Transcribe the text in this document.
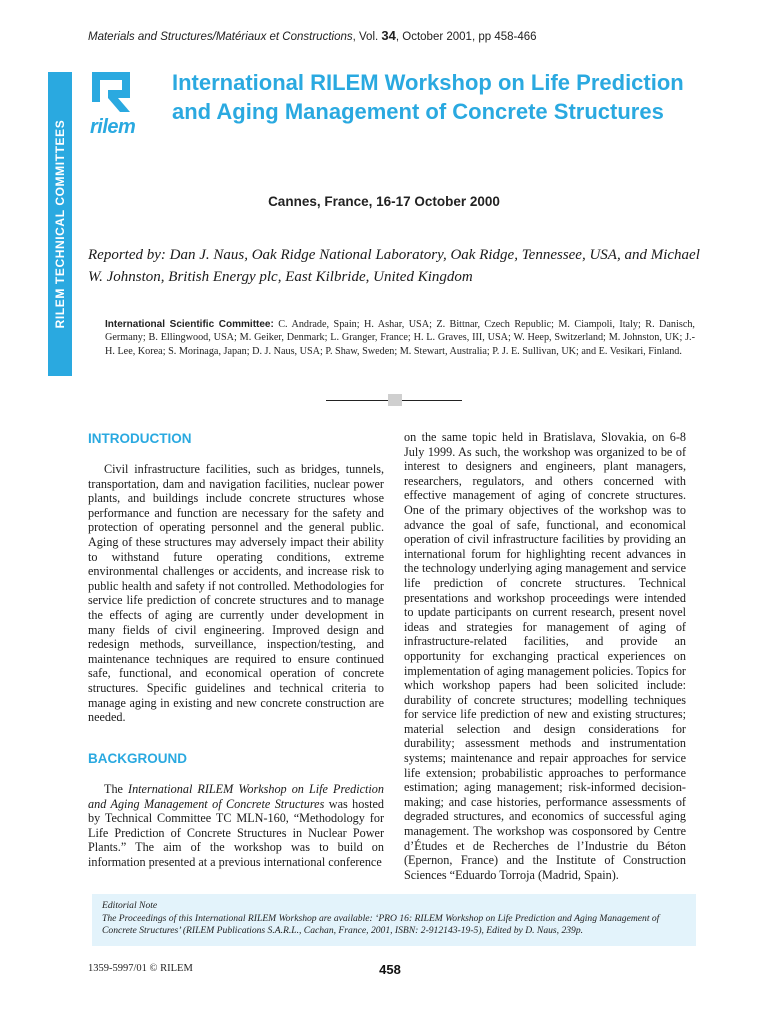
Materials and Structures/Matériaux et Constructions, Vol. 34, October 2001, pp 458-466
RILEM TECHNICAL COMMITTEES rilem
International RILEM Workshop on Life Prediction and Aging Management of Concrete Structures
Cannes, France, 16-17 October 2000
Reported by: Dan J. Naus, Oak Ridge National Laboratory, Oak Ridge, Tennessee, USA, and Michael W. Johnston, British Energy plc, East Kilbride, United Kingdom
International Scientific Committee: C. Andrade, Spain; H. Ashar, USA; Z. Bittnar, Czech Republic; M. Ciampoli, Italy; R. Danisch, Germany; B. Ellingwood, USA; M. Geiker, Denmark; L. Granger, France; H. L. Graves, III, USA; W. Heep, Switzerland; M. Johnston, UK; J.-H. Lee, Korea; S. Morinaga, Japan; D. J. Naus, USA; P. Shaw, Sweden; M. Stewart, Australia; P. J. E. Sullivan, UK; and E. Vesikari, Finland.
INTRODUCTION

Civil infrastructure facilities, such as bridges, tunnels, transportation, dam and navigation facilities, nuclear power plants, and buildings include concrete structures whose performance and function are necessary for the safety and protection of operating personnel and the general public. Aging of these structures may adversely impact their ability to withstand future operating conditions, extreme environmental challenges or accidents, and increase risk to public health and safety if not controlled. Methodologies for service life prediction of concrete structures and to manage the effects of aging are currently under development in many fields of civil engineering. Improved design and redesign methods, surveillance, inspection/testing, and maintenance techniques are required to ensure continued safe, functional, and economical operation of concrete structures. Specific guidelines and technical criteria to manage aging in existing and new concrete construction are needed.

BACKGROUND

The International RILEM Workshop on Life Prediction and Aging Management of Concrete Structures was hosted by Technical Committee TC MLN-160, “Methodology for Life Prediction of Concrete Structures in Nuclear Power Plants.” The aim of the workshop was to build on information presented at a previous international conference

on the same topic held in Bratislava, Slovakia, on 6-8 July 1999. As such, the workshop was organized to be of interest to designers and engineers, plant managers, researchers, regulators, and others concerned with effective management of aging of concrete structures. One of the primary objectives of the workshop was to advance the goal of safe, functional, and economical operation of civil infrastructure facilities by providing an international forum for highlighting recent advances in the technology underlying aging management and service life prediction of concrete structures. Technical presentations and workshop proceedings were intended to update participants on current research, present novel ideas and strategies for management of aging of infrastructure-related facilities, and provide an opportunity for exchanging practical experiences on implementation of aging management policies. Topics for which workshop papers had been solicited include: durability of concrete structures; modelling techniques for service life prediction of new and existing structures; material selection and design considerations for durability; assessment methods and instrumentation systems; maintenance and repair approaches for service life extension; probabilistic approaches to performance estimation; aging management; risk-informed decision-making; and case histories, performance assessments of degraded structures, and economics of successful aging management. The workshop was cosponsored by Centre d’Études et de Recherches de l’Industrie du Béton (Epernon, France) and the Institute of Construction Sciences “Eduardo Torroja (Madrid, Spain).

Editorial Note
The Proceedings of this International RILEM Workshop are available: ‘PRO 16: RILEM Workshop on Life Prediction and Aging Management of Concrete Structures’ (RILEM Publications S.A.R.L., Cachan, France, 2001, ISBN: 2-912143-19-5), Edited by D. Naus, 239p.
1359-5997/01 © RILEM	458
